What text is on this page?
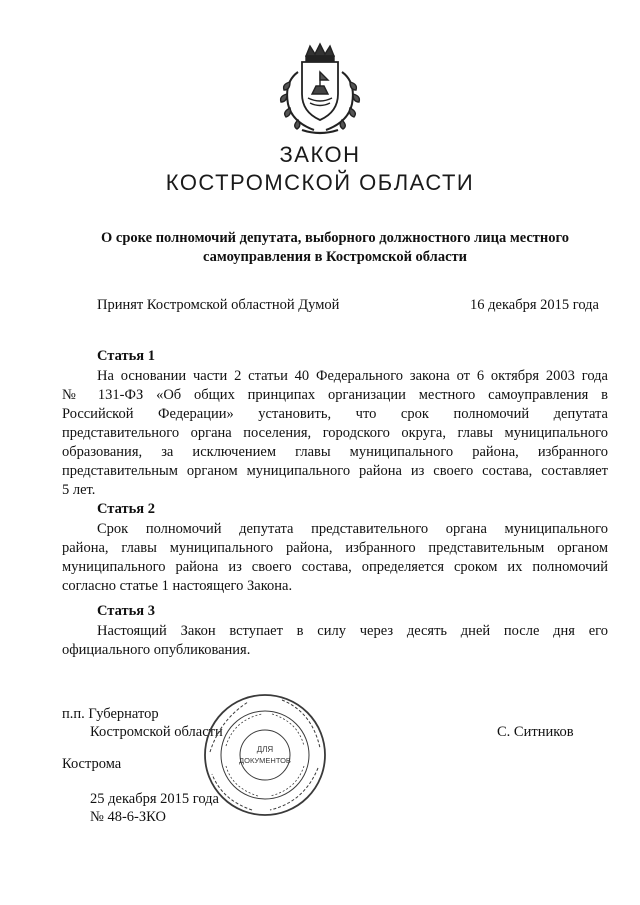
ЗАКОН
КОСТРОМСКОЙ ОБЛАСТИ
О сроке полномочий депутата, выборного должностного лица местного
самоуправления в Костромской области
Принят Костромской областной Думой	16 декабря 2015 года
Статья 1
На основании части 2 статьи 40 Федерального закона от 6 октября 2003 года
№ 131-ФЗ «Об общих принципах организации местного самоуправления в
Российской Федерации» установить, что срок полномочий депутата
представительного органа поселения, городского округа, главы муниципального
образования, за исключением главы муниципального района, избранного
представительным органом муниципального района из своего состава, составляет
5 лет.
Статья 2
Срок полномочий депутата представительного органа муниципального
района, главы муниципального района, избранного представительным органом
муниципального района из своего состава, определяется сроком их полномочий
согласно статье 1 настоящего Закона.
Статья 3
Настоящий Закон вступает в силу через десять дней после дня его
официального опубликования.
п.п. Губернатор
Костромской области	С. Ситников
Кострома
25 декабря 2015 года
№ 48-6-ЗКО
ДЛЯ
ДОКУМЕНТОВ
